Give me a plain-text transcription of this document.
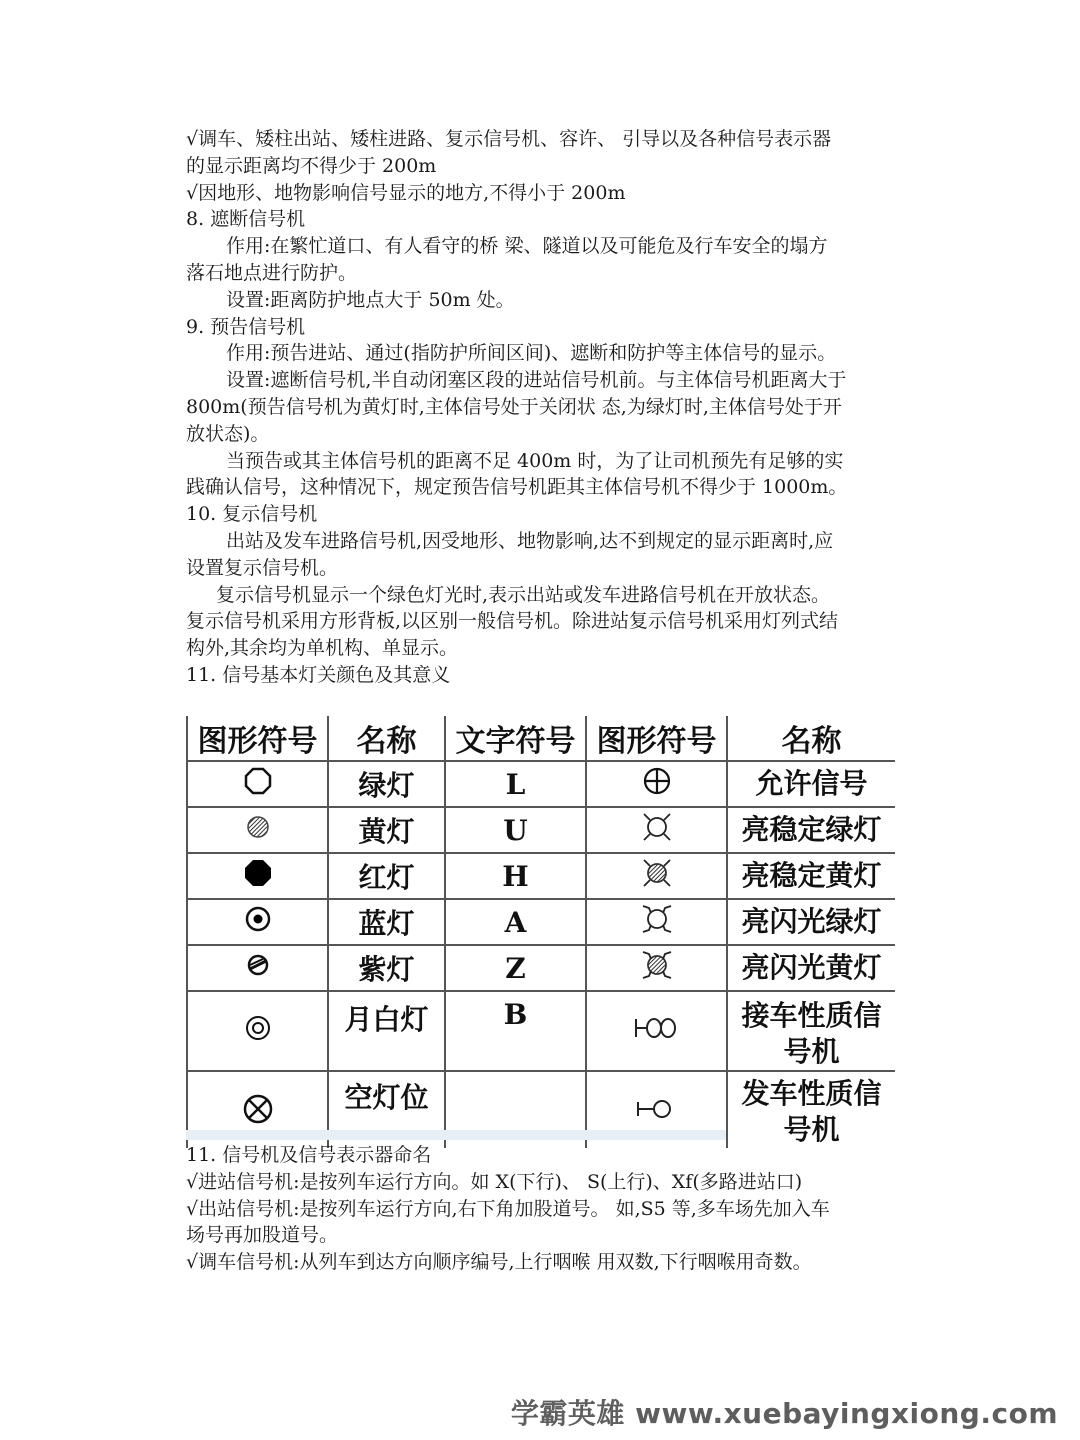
√调车、矮柱出站、矮柱进路、复示信号机、容许、 引导以及各种信号表示器
的显示距离均不得少于 200m
√因地形、地物影响信号显示的地方,不得小于 200m
8. 遮断信号机
作用:在繁忙道口、有人看守的桥 梁、隧道以及可能危及行车安全的塌方
落石地点进行防护。
设置:距离防护地点大于 50m 处。
9. 预告信号机
作用:预告进站、通过(指防护所间区间)、遮断和防护等主体信号的显示。
设置:遮断信号机,半自动闭塞区段的进站信号机前。与主体信号机距离大于
800m(预告信号机为黄灯时,主体信号处于关闭状 态,为绿灯时,主体信号处于开
放状态)。
当预告或其主体信号机的距离不足 400m 时，为了让司机预先有足够的实
践确认信号，这种情况下，规定预告信号机距其主体信号机不得少于 1000m。
10. 复示信号机
出站及发车进路信号机,因受地形、地物影响,达不到规定的显示距离时,应
设置复示信号机。
复示信号机显示一个绿色灯光时,表示出站或发车进路信号机在开放状态。
复示信号机采用方形背板,以区别一般信号机。除进站复示信号机采用灯列式结
构外,其余均为单机构、单显示。
11. 信号基本灯关颜色及其意义
图形符号	名称	文字符号	图形符号	名称
	绿灯	L		允许信号
	黄灯	U		亮稳定绿灯
	红灯	H		亮稳定黄灯
	蓝灯	A		亮闪光绿灯
	紫灯	Z		亮闪光黄灯
	月白灯	B		接车性质信号机
	空灯位			发车性质信号机
11. 信号机及信号表示器命名
√进站信号机:是按列车运行方向。如 X(下行)、 S(上行)、Xf(多路进站口)
√出站信号机:是按列车运行方向,右下角加股道号。 如,S5 等,多车场先加入车
场号再加股道号。
√调车信号机:从列车到达方向顺序编号,上行咽喉 用双数,下行咽喉用奇数。
学霸英雄 www.xuebayingxiong.com
